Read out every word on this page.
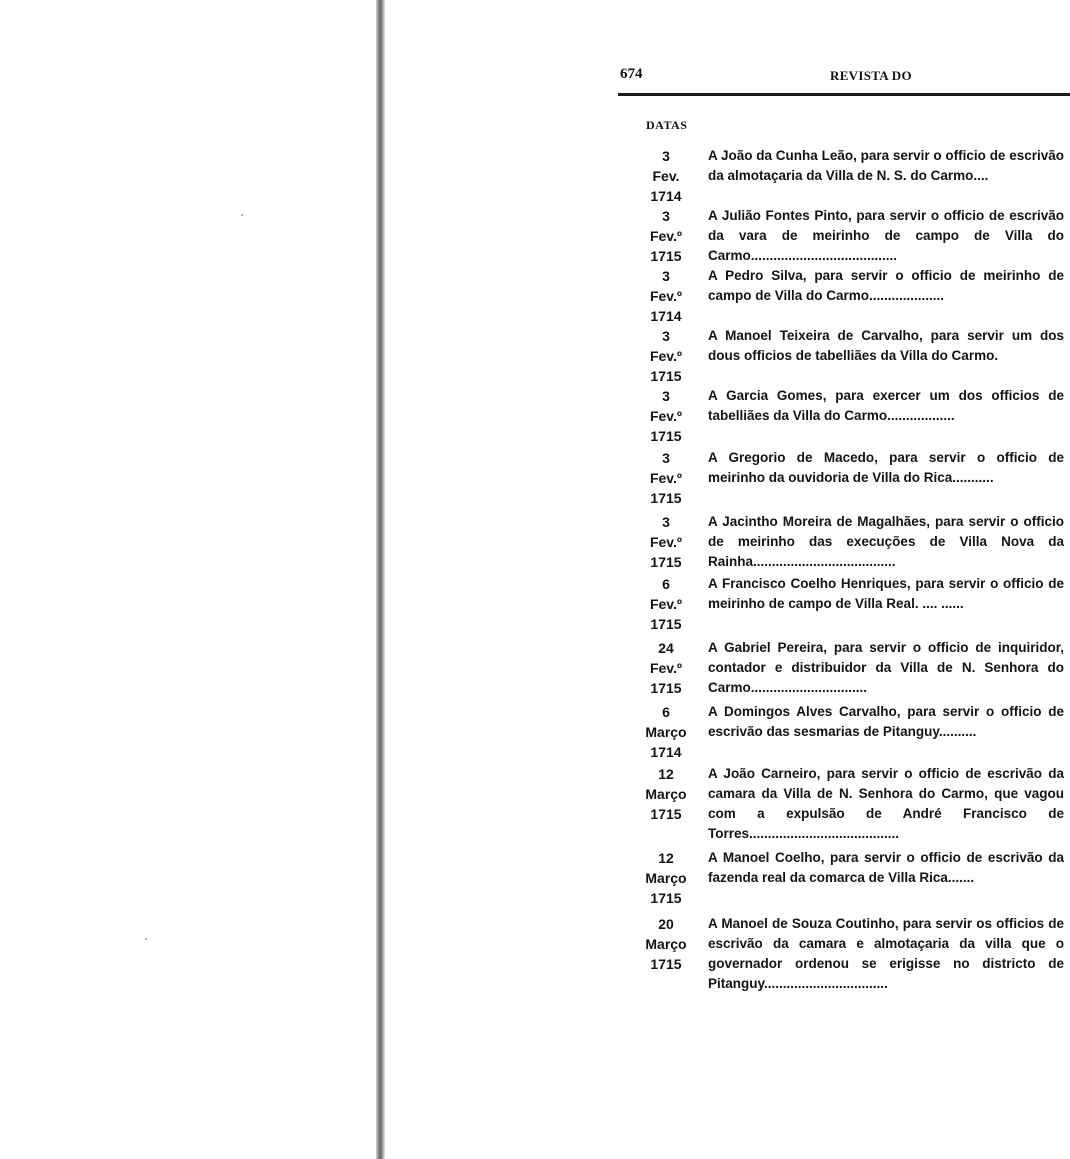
674	REVISTA DO
DATAS
3
Fev.
1714

A João da Cunha Leão, para servir o officio de escrivão da almotaçaria da Villa de N. S. do Carmo....

3
Fev.º
1715

A Julião Fontes Pinto, para servir o officio de escrivão da vara de meirinho de campo de Villa do Carmo.......................................

3
Fev.º
1714

A Pedro Silva, para servir o officio de meirinho de campo de Villa do Carmo....................

3
Fev.º
1715

A Manoel Teixeira de Carvalho, para servir um dos dous officios de tabelliães da Villa do Carmo.

3
Fev.º
1715

A Garcia Gomes, para exercer um dos officios de tabelliães da Villa do Carmo..................

3
Fev.º
1715

A Gregorio de Macedo, para servir o officio de meirinho da ouvidoria de Villa do Rica...........

3
Fev.º
1715

A Jacintho Moreira de Magalhães, para servir o officio de meirinho das execuções de Villa Nova da Rainha......................................

6
Fev.º
1715

A Francisco Coelho Henriques, para servir o officio de meirinho de campo de Villa Real. .... ......

24
Fev.º
1715

A Gabriel Pereira, para servir o officio de inquiridor, contador e distribuidor da Villa de N. Senhora do Carmo...............................

6
Março
1714

A Domingos Alves Carvalho, para servir o officio de escrivão das sesmarias de Pitanguy..........

12
Março
1715

A João Carneiro, para servir o officio de escrivão da camara da Villa de N. Senhora do Carmo, que vagou com a expulsão de André Francisco de Torres........................................

12
Março
1715

A Manoel Coelho, para servir o officio de escrivão da fazenda real da comarca de Villa Rica.......

20
Março
1715

A Manoel de Souza Coutinho, para servir os officios de escrivão da camara e almotaçaria da villa que o governador ordenou se erigisse no districto de Pitanguy.................................
